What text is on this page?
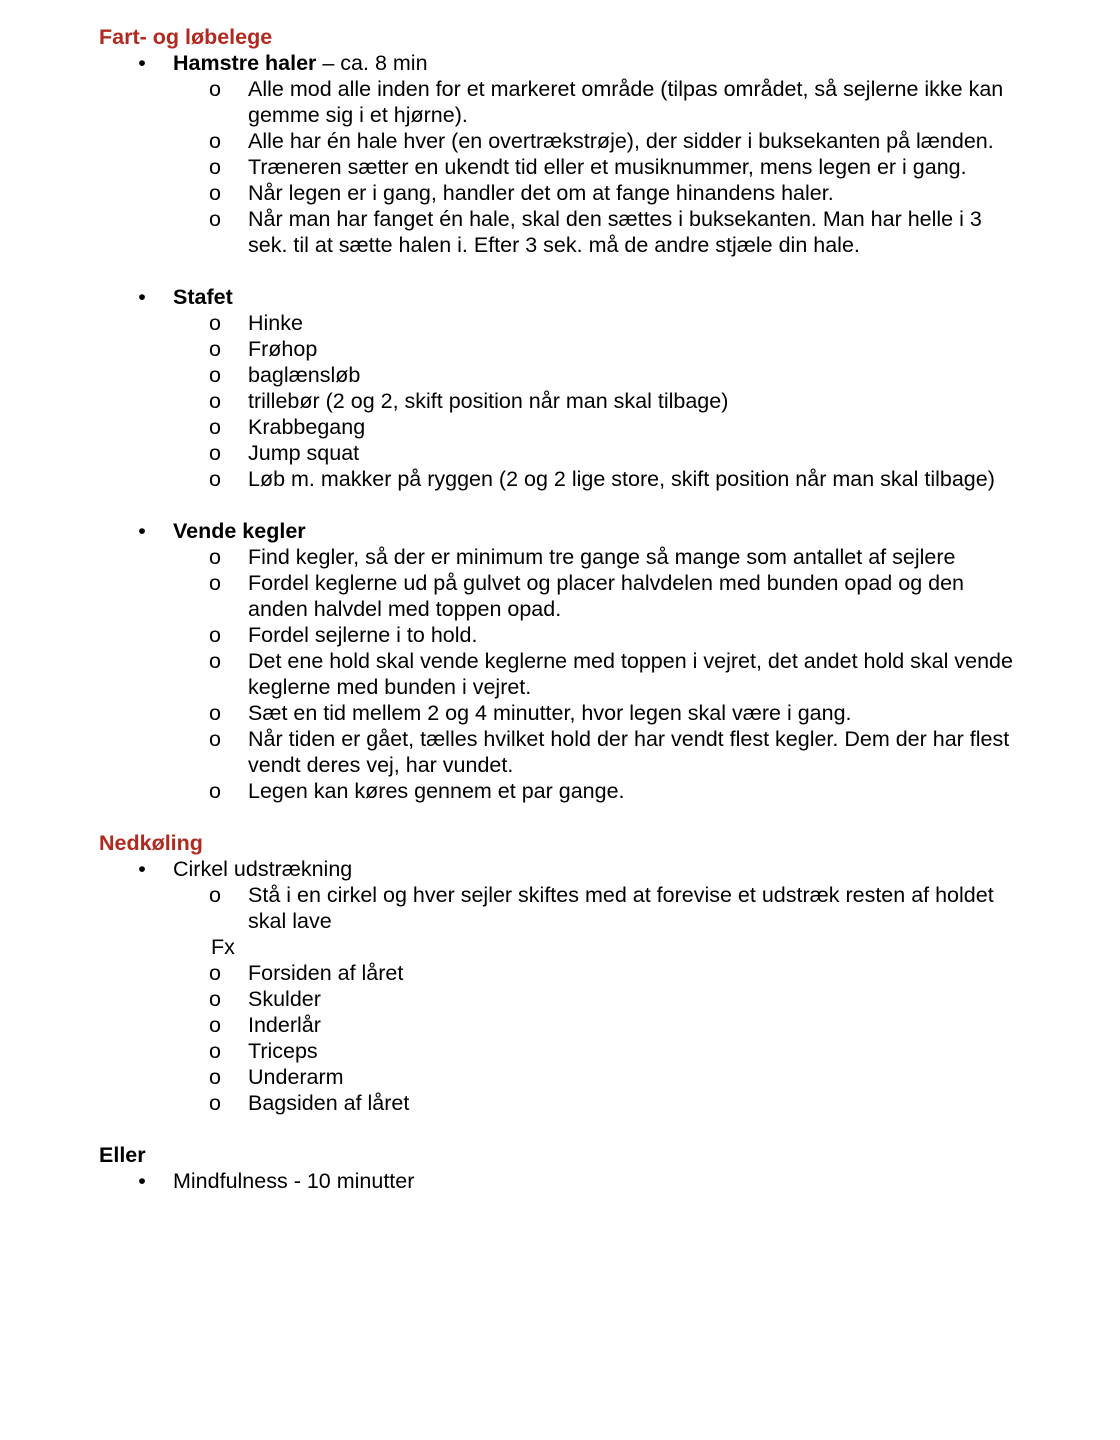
Fart- og løbelege
• Hamstre haler – ca. 8 min
o Alle mod alle inden for et markeret område (tilpas området, så sejlerne ikke kan gemme sig i et hjørne).
o Alle har én hale hver (en overtrækstrøje), der sidder i buksekanten på lænden.
o Træneren sætter en ukendt tid eller et musiknummer, mens legen er i gang.
o Når legen er i gang, handler det om at fange hinandens haler.
o Når man har fanget én hale, skal den sættes i buksekanten. Man har helle i 3 sek. til at sætte halen i. Efter 3 sek. må de andre stjæle din hale.
• Stafet
o Hinke
o Frøhop
o baglænsløb
o trillebør (2 og 2, skift position når man skal tilbage)
o Krabbegang
o Jump squat
o Løb m. makker på ryggen (2 og 2 lige store, skift position når man skal tilbage)
• Vende kegler
o Find kegler, så der er minimum tre gange så mange som antallet af sejlere
o Fordel keglerne ud på gulvet og placer halvdelen med bunden opad og den anden halvdel med toppen opad.
o Fordel sejlerne i to hold.
o Det ene hold skal vende keglerne med toppen i vejret, det andet hold skal vende keglerne med bunden i vejret.
o Sæt en tid mellem 2 og 4 minutter, hvor legen skal være i gang.
o Når tiden er gået, tælles hvilket hold der har vendt flest kegler. Dem der har flest vendt deres vej, har vundet.
o Legen kan køres gennem et par gange.
Nedkøling
• Cirkel udstrækning
o Stå i en cirkel og hver sejler skiftes med at forevise et udstræk resten af holdet skal lave
Fx
o Forsiden af låret
o Skulder
o Inderlår
o Triceps
o Underarm
o Bagsiden af låret
Eller
• Mindfulness - 10 minutter
